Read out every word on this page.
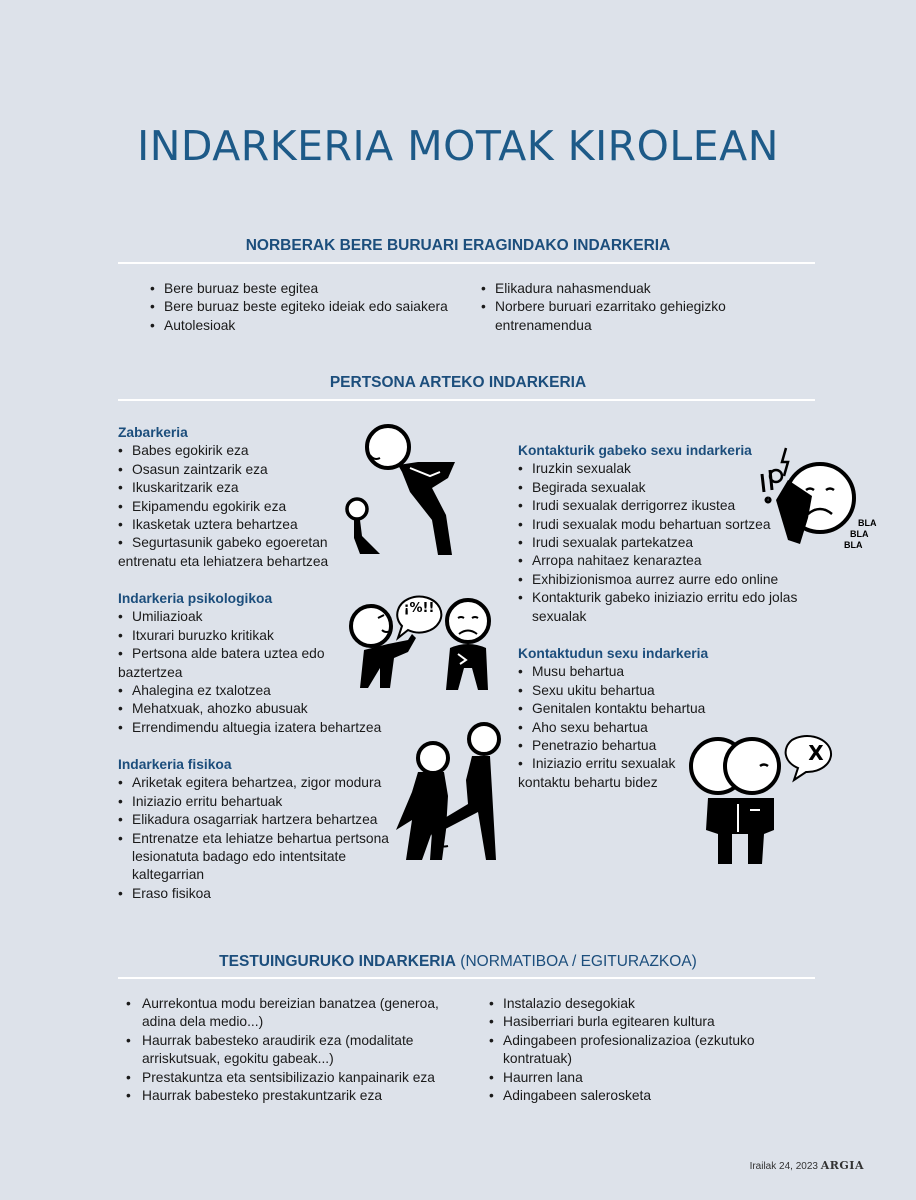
INDARKERIA MOTAK KIROLEAN
NORBERAK BERE BURUARI ERAGINDAKO INDARKERIA
• Bere buruaz beste egitea
• Bere buruaz beste egiteko ideiak edo saiakera
• Autolesioak
• Elikadura nahasmenduak
• Norbere buruari ezarritako gehiegizko
entrenamendua
PERTSONA ARTEKO INDARKERIA
Zabarkeria
• Babes egokirik eza
• Osasun zaintzarik eza
• Ikuskaritzarik eza
• Ekipamendu egokirik eza
• Ikasketak uztera behartzea
• Segurtasunik gabeko egoeretan
entrenatu eta lehiatzera behartzea
Indarkeria psikologikoa
• Umiliazioak
• Itxurari buruzko kritikak
• Pertsona alde batera uztea edo
baztertzea
• Ahalegina ez txalotzea
• Mehatxuak, ahozko abusuak
• Errendimendu altuegia izatera behartzea
Indarkeria fisikoa
• Ariketak egitera behartzea, zigor modura
• Iniziazio erritu behartuak
• Elikadura osagarriak hartzera behartzea
• Entrenatze eta lehiatze behartua pertsona
lesionatuta badago edo intentsitate
kaltegarrian
• Eraso fisikoa
Kontakturik gabeko sexu indarkeria
• Iruzkin sexualak
• Begirada sexualak
• Irudi sexualak derrigorrez ikustea
• Irudi sexualak modu behartuan sortzea
• Irudi sexualak partekatzea
• Arropa nahitaez kenaraztea
• Exhibizionismoa aurrez aurre edo online
• Kontakturik gabeko iniziazio erritu edo jolas
sexualak
Kontaktudun sexu indarkeria
• Musu behartua
• Sexu ukitu behartua
• Genitalen kontaktu behartua
• Aho sexu behartua
• Penetrazio behartua
• Iniziazio erritu sexualak
kontaktu behartu bidez
¡%!!
BLA
BLA
BLA
X
TESTUINGURUKO INDARKERIA (NORMATIBOA / EGITURAZKOA)
• Aurrekontua modu bereizian banatzea (generoa,
adina dela medio...)
• Haurrak babesteko araudirik eza (modalitate
arriskutsuak, egokitu gabeak...)
• Prestakuntza eta sentsibilizazio kanpainarik eza
• Haurrak babesteko prestakuntzarik eza
• Instalazio desegokiak
• Hasiberriari burla egitearen kultura
• Adingabeen profesionalizazioa (ezkutuko
kontratuak)
• Haurren lana
• Adingabeen salerosketa
Irailak 24, 2023 ARGIA
